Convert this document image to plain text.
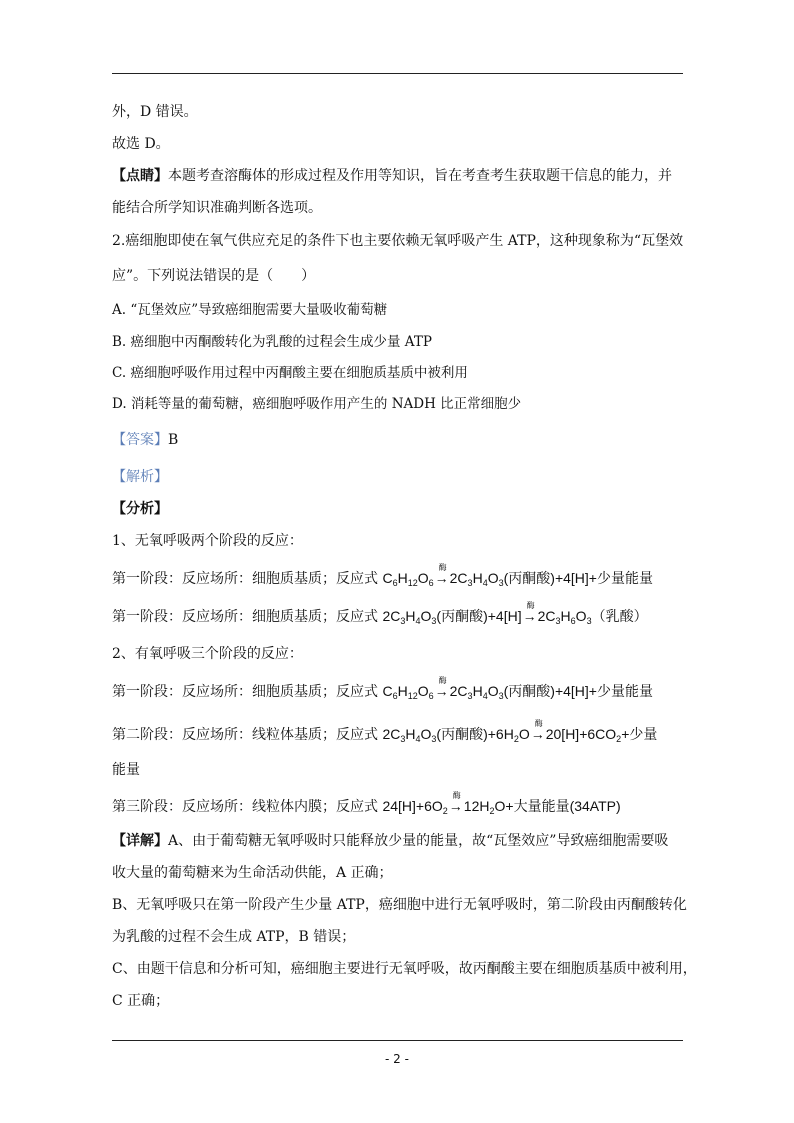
外，D 错误。
故选 D。
【点睛】本题考查溶酶体的形成过程及作用等知识，旨在考查考生获取题干信息的能力，并
能结合所学知识准确判断各选项。
2.癌细胞即使在氧气供应充足的条件下也主要依赖无氧呼吸产生 ATP，这种现象称为“瓦堡效
应”。下列说法错误的是（　　）
A. “瓦堡效应”导致癌细胞需要大量吸收葡萄糖
B. 癌细胞中丙酮酸转化为乳酸的过程会生成少量 ATP
C. 癌细胞呼吸作用过程中丙酮酸主要在细胞质基质中被利用
D. 消耗等量的葡萄糖，癌细胞呼吸作用产生的 NADH 比正常细胞少
【答案】B
【解析】
【分析】
1、无氧呼吸两个阶段的反应：
第一阶段：反应场所：细胞质基质；反应式 $C_6H_{12}O_6$
酶
$\to 2C_3H_4O_3$(丙酮酸)+4[H]+少量能量
第一阶段：反应场所：细胞质基质；反应式 $2C_3H_4O_3$(丙酮酸)+4[H]
酶
$\to 2C_3H_6O_3$（乳酸）
2、有氧呼吸三个阶段的反应：
第一阶段：反应场所：细胞质基质；反应式 $C_6H_{12}O_6$
酶
$\to 2C_3H_4O_3$(丙酮酸)+4[H]+少量能量
第二阶段：反应场所：线粒体基质；反应式 $2C_3H_4O_3$(丙酮酸)$+6H_2O$
酶
$\to 20[H]+6CO_2+$少量
能量
第三阶段：反应场所：线粒体内膜；反应式 $24[H]+6O_2$
酶
$\to 12H_2O+$大量能量(34ATP)
【详解】A、由于葡萄糖无氧呼吸时只能释放少量的能量，故“瓦堡效应”导致癌细胞需要吸
收大量的葡萄糖来为生命活动供能，A 正确；
B、无氧呼吸只在第一阶段产生少量 ATP，癌细胞中进行无氧呼吸时，第二阶段由丙酮酸转化
为乳酸的过程不会生成 ATP，B 错误；
C、由题干信息和分析可知，癌细胞主要进行无氧呼吸，故丙酮酸主要在细胞质基质中被利用，
C 正确；
- 2 -
